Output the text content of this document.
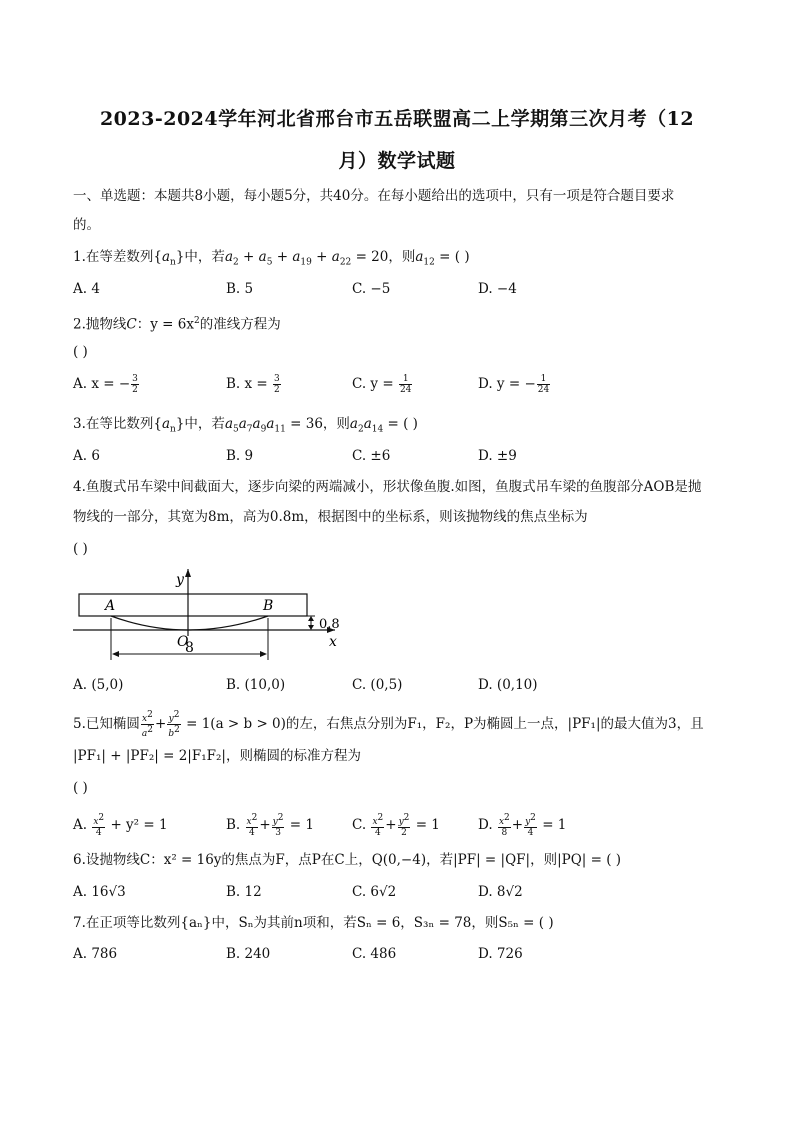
2023-2024学年河北省邢台市五岳联盟高二上学期第三次月考（12
月）数学试题
一、单选题：本题共8小题，每小题5分，共40分。在每小题给出的选项中，只有一项是符合题目要求
的。
1.在等差数列$\{a_n\}$中，若$a_2 + a_5 + a_{19} + a_{22} = 20$，则$a_{12}$ = ( )
A. 4	B. 5	C. −5	D. −4
2.抛物线C：$y = 6x^2$的准线方程为
( )
A. x = − $\frac{3}{2}$	B. $x = \frac{3}{2}$	C. $y = \frac{1}{24}$	D. y = − $\frac{1}{24}$
3.在等比数列$\{a_n\}$中，若$a_5a_7a_9a_{11} = 36$，则$a_2a_{14}$ = ( )
A. 6	B. 9	C. ±6	D. ±9
4.鱼腹式吊车梁中间截面大，逐步向梁的两端减小，形状像鱼腹.如图，鱼腹式吊车梁的鱼腹部分AOB是抛
物线的一部分，其宽为8m，高为0.8m，根据图中的坐标系，则该抛物线的焦点坐标为
( )
y
x
A	B
O
8
0.8
A. (5,0)	B. (10,0)	C. (0,5)	D. (0,10)
5.已知椭圆 $\frac{x^2}{a^2} + \frac{y^2}{b^2} = 1(a > b > 0)$的左，右焦点分别为F₁，F₂，P为椭圆上一点，|PF₁|的最大值为3，且
|PF₁| + |PF₂| = 2|F₁F₂|，则椭圆的标准方程为
( )
A. $\frac{x^2}{4} + y^2 = 1$	B. $\frac{x^2}{4} + \frac{y^2}{3} = 1$	C. $\frac{x^2}{4} + \frac{y^2}{2} = 1$	D. $\frac{x^2}{8} + \frac{y^2}{4} = 1$
6.设抛物线C：x² = 16y的焦点为F，点P在C上，Q(0,−4)，若|PF| = |QF|，则|PQ| = ( )
A. 16√3	B. 12	C. 6√2	D. 8√2
7.在正项等比数列{aₙ}中，Sₙ为其前n项和，若Sₙ = 6，S₃ₙ = 78，则S₅ₙ = ( )
A. 786	B. 240	C. 486	D. 726
